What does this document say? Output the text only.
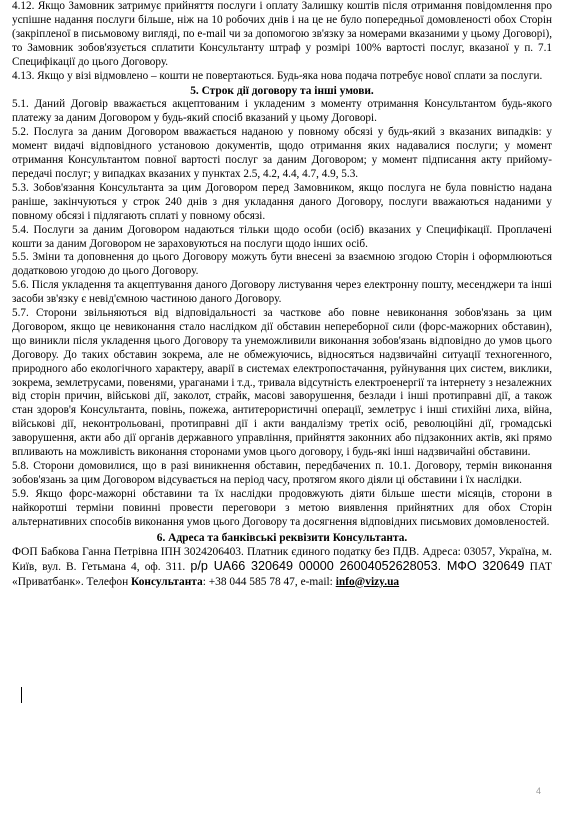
4.12. Якщо Замовник затримує прийняття послуги і оплату Залишку коштів після отримання повідомлення про успішне надання послуги більше, ніж на 10 робочих днів і на це не було попередньої домовленості обох Сторін (закріпленої в письмовому вигляді, по e-mail чи за допомогою зв'язку за номерами вказаними у цьому Договорі), то Замовник зобов'язується сплатити Консультанту штраф у розмірі 100% вартості послуг, вказаної у п. 7.1 Специфікації до цього Договору.

4.13. Якщо у візі відмовлено – кошти не повертаються. Будь-яка нова подача потребує нової сплати за послуги.

5. Строк дії договору та інші умови.

5.1. Даний Договір вважається акцептованим і укладеним з моменту отримання Консультантом будь-якого платежу за даним Договором у будь-який спосіб вказаний у цьому Договорі.

5.2. Послуга за даним Договором вважається наданою у повному обсязі у будь-який з вказаних випадків: у момент видачі відповідного установою документів, щодо отримання яких надавалися послуги; у момент отримання Консультантом повної вартості послуг за даним Договором; у момент підписання акту прийому-передачі послуг; у випадках вказаних у пунктах 2.5, 4.2, 4.4, 4.7, 4.9, 5.3.

5.3. Зобов'язання Консультанта за цим Договором перед Замовником, якщо послуга не була повністю надана раніше, закінчуються у строк 240 днів з дня укладання даного Договору, послуги вважаються наданими у повному обсязі і підлягають сплаті у повному обсязі.

5.4. Послуги за даним Договором надаються тільки щодо особи (осіб) вказаних у Специфікації. Проплачені кошти за даним Договором не зараховуються на послуги щодо інших осіб.

5.5. Зміни та доповнення до цього Договору можуть бути внесені за взаємною згодою Сторін і оформлюються додатковою угодою до цього Договору.

5.6. Після укладення та акцептування даного Договору листування через електронну пошту, месенджери та інші засоби зв'язку є невід'ємною частиною даного Договору.

5.7. Сторони звільняються від відповідальності за часткове або повне невиконання зобов'язань за цим Договором, якщо це невиконання стало наслідком дії обставин непереборної сили (форс-мажорних обставин), що виникли після укладення цього Договору та унеможливили виконання зобов'язань відповідно до умов цього Договору. До таких обставин зокрема, але не обмежуючись, відносяться надзвичайні ситуації техногенного, природного або екологічного характеру, аварії в системах електропостачання, руйнування цих систем, виклики, зокрема, землетрусами, повенями, ураганами і т.д., тривала відсутність електроенергії та інтернету з незалежних від сторін причин, військові дії, заколот, страйк, масові заворушення, безлади і інші протиправні дії, а також стан здоров'я Консультанта, повінь, пожежа, антитерористичні операції, землетрус і інші стихійні лиха, війна, військові дії, неконтрольовані, протиправні дії і акти вандалізму третіх осіб, революційні дії, громадські заворушення, акти або дії органів державного управління, прийняття законних або підзаконних актів, які прямо впливають на можливість виконання сторонами умов цього договору, і будь-які інші надзвичайні обставини.

5.8. Сторони домовилися, що в разі виникнення обставин, передбачених п. 10.1. Договору, термін виконання зобов'язань за цим Договором відсувається на період часу, протягом якого діяли ці обставини і їх наслідки.

5.9. Якщо форс-мажорні обставини та їх наслідки продовжують діяти більше шести місяців, сторони в найкоротші терміни повинні провести переговори з метою виявлення прийнятних для обох Сторін альтернативних способів виконання умов цього Договору та досягнення відповідних письмових домовленостей.

6. Адреса та банківські реквізити Консультанта.

ФОП Бабкова Ганна Петрівна ІПН 3024206403. Платник єдиного податку без ПДВ. Адреса: 03057, Україна, м. Київ, вул. В. Гетьмана 4, оф. 311. р/р UA66 320649 00000 26004052628053. МФО 320649 ПАТ «Приватбанк». Телефон Консультанта: +38 044 585 78 47, e-mail: info@vizy.ua

4
